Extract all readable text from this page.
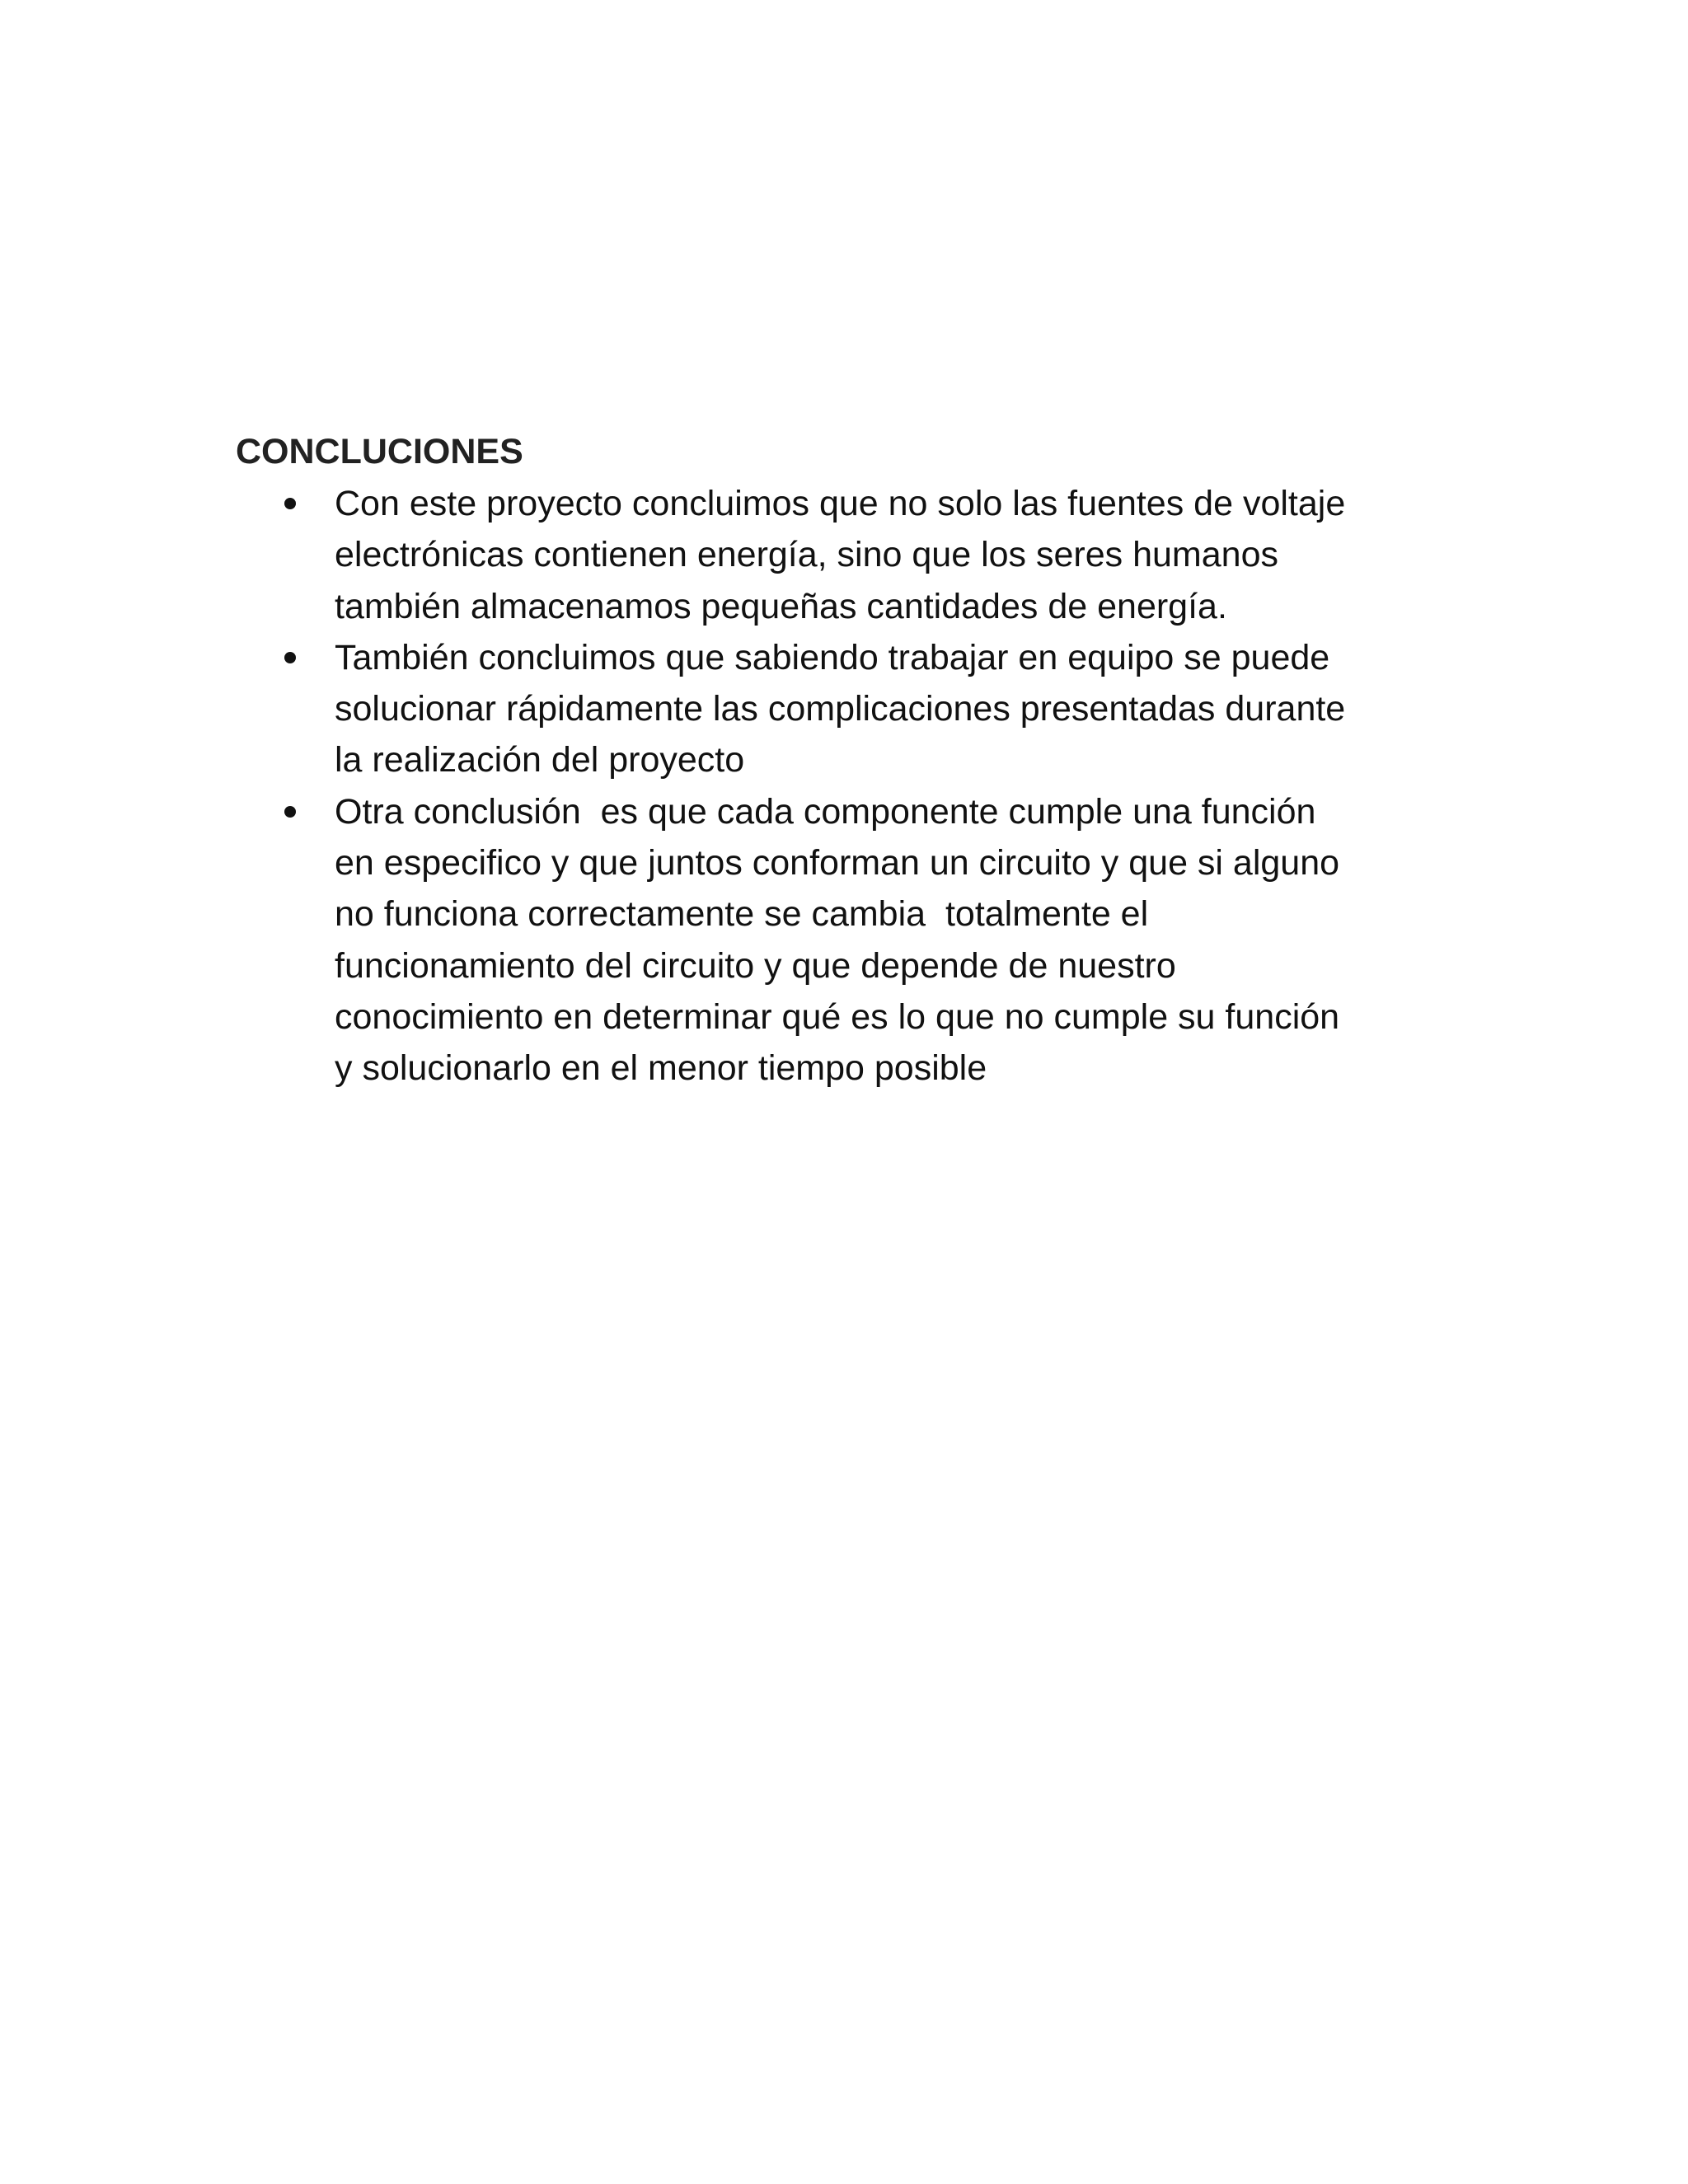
CONCLUCIONES
Con este proyecto concluimos que no solo las fuentes de voltaje
electrónicas contienen energía, sino que los seres humanos
también almacenamos pequeñas cantidades de energía.
También concluimos que sabiendo trabajar en equipo se puede
solucionar rápidamente las complicaciones presentadas durante
la realización del proyecto
Otra conclusión  es que cada componente cumple una función
en especifico y que juntos conforman un circuito y que si alguno
no funciona correctamente se cambia  totalmente el
funcionamiento del circuito y que depende de nuestro
conocimiento en determinar qué es lo que no cumple su función
y solucionarlo en el menor tiempo posible
